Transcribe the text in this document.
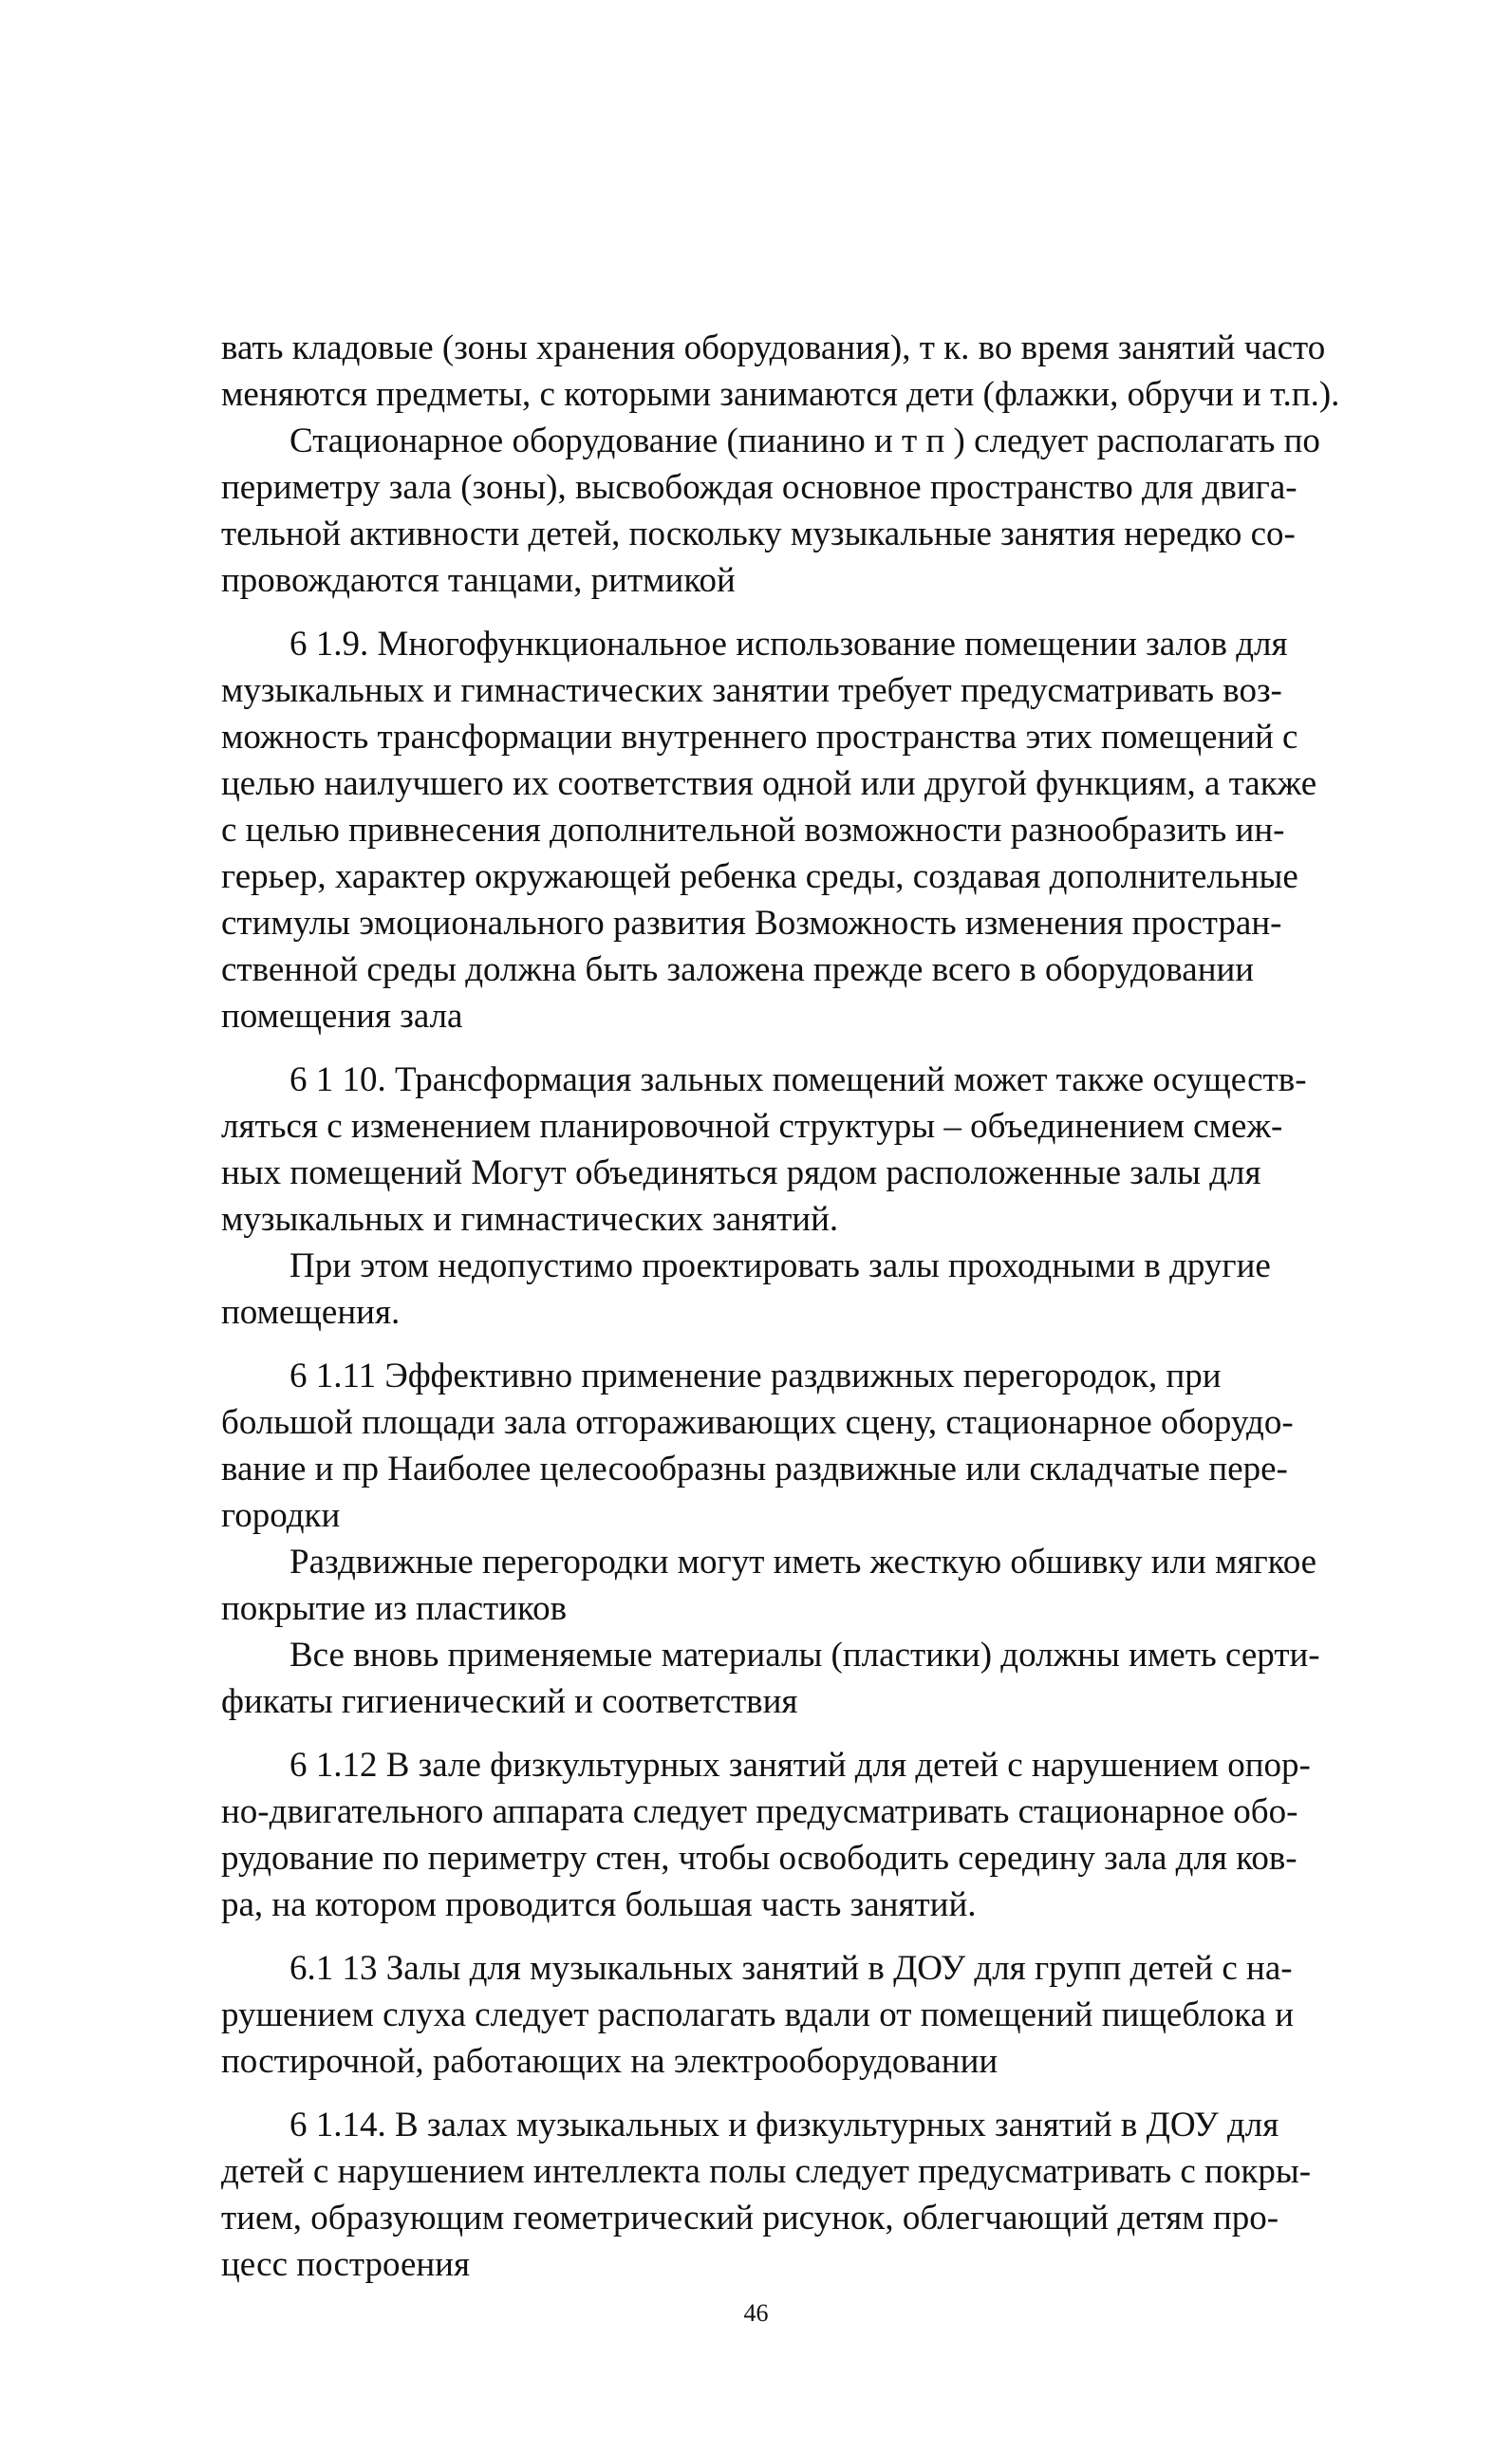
вать кладовые (зоны хранения оборудования), т к. во время занятий часто
меняются предметы, с которыми занимаются дети (флажки, обручи и т.п.).

Стационарное оборудование (пианино и т п ) следует располагать по
периметру зала (зоны), высвобождая основное пространство для двига-
тельной активности детей, поскольку музыкальные занятия нередко со-
провождаются танцами, ритмикой

6 1.9. Многофункциональное использование помещении залов для
музыкальных и гимнастических занятии требует предусматривать воз-
можность трансформации внутреннего пространства этих помещений с
целью наилучшего их соответствия одной или другой функциям, а также
с целью привнесения дополнительной возможности разнообразить ин-
герьер, характер окружающей ребенка среды, создавая дополнительные
стимулы эмоционального развития Возможность изменения простран-
ственной среды должна быть заложена прежде всего в оборудовании
помещения зала

6 1 10. Трансформация зальных помещений может также осуществ-
ляться с изменением планировочной структуры – объединением смеж-
ных помещений Могут объединяться рядом расположенные залы для
музыкальных и гимнастических занятий.

При этом недопустимо проектировать залы проходными в другие
помещения.

6 1.11 Эффективно применение раздвижных перегородок, при
большой площади зала отгораживающих сцену, стационарное оборудо-
вание и пр Наиболее целесообразны раздвижные или складчатые пере-
городки

Раздвижные перегородки могут иметь жесткую обшивку или мягкое
покрытие из пластиков

Все вновь применяемые материалы (пластики) должны иметь серти-
фикаты гигиенический и соответствия

6 1.12 В зале физкультурных занятий для детей с нарушением опор-
но-двигательного аппарата следует предусматривать стационарное обо-
рудование по периметру стен, чтобы освободить середину зала для ков-
ра, на котором проводится большая часть занятий.

6.1 13 Залы для музыкальных занятий в ДОУ для групп детей с на-
рушением слуха следует располагать вдали от помещений пищеблока и
постирочной, работающих на электрооборудовании

6 1.14. В залах музыкальных и физкультурных занятий в ДОУ для
детей с нарушением интеллекта полы следует предусматривать с покры-
тием, образующим геометрический рисунок, облегчающий детям про-
цесс построения

46
